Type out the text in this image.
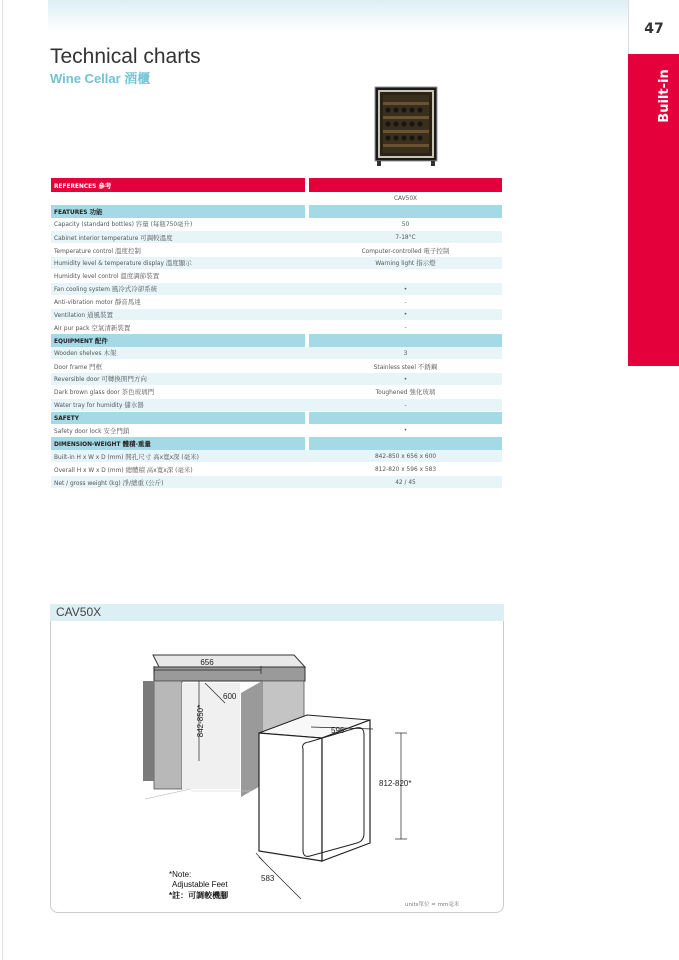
47
Built-in
Technical charts
Wine Cellar 酒櫃
REFERENCES 參考		
		CAV50X
FEATURES 功能		
Capacity (standard bottles) 容量 (每瓶750毫升)		50
Cabinet interior temperature 可調較溫度		7-18°C
Temperature control 溫度控制		Computer-controlled 電子控制
Humidity level & temperature display 溫度顯示		Warning light 指示燈
Humidity level control 溫度調節裝置		
Fan cooling system 風冷式冷卻系統		•
Anti-vibration motor 靜音馬達		-
Ventilation 通風裝置		•
Air pur pack 空氣清新裝置		-
EQUIPMENT 配件		
Wooden shelves 木架		3
Door frame 門框		Stainless steel 不銹鋼
Reversible door 可轉換開門方向		•
Dark brown glass door 茶色玻璃門		Toughened 強化玻璃
Water tray for humidity 儲水器		-
SAFETY		
Safety door lock 安全門鎖		•
DIMENSION-WEIGHT 體積-重量		
Built-in H x W x D (mm) 開孔尺寸 高x寬x深 (毫米)		842-850 x 656 x 600
Overall H x W x D (mm) 總體積 高x寬x深 (毫米)		812-820 x 596 x 583
Net / gross weight (kg) 淨/總重 (公斤)		42 / 45
CAV50X
656
600
842-850*	596
812-820*
583
*Note:
Adjustable Feet
*註：可調較機腳
units單位 = mm毫米
